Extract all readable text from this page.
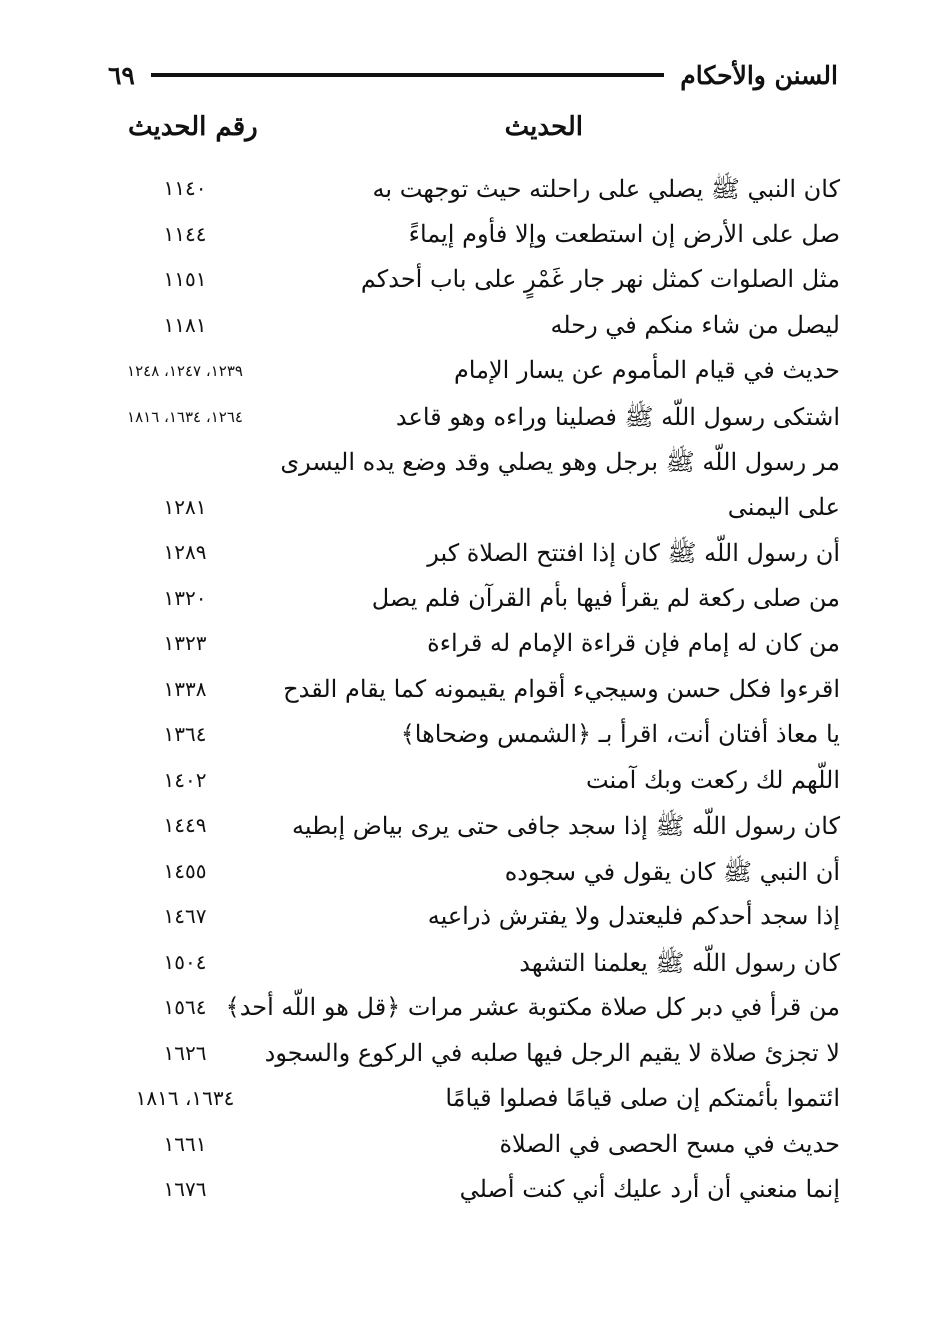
السنن والأحكام
٦٩
الحديث
رقم الحديث
كان النبي ﷺ يصلي على راحلته حيث توجهت به
١١٤٠
صل على الأرض إن استطعت وإلا فأوم إيماءً
١١٤٤
مثل الصلوات كمثل نهر جار غَمْرٍ على باب أحدكم
١١٥١
ليصل من شاء منكم في رحله
١١٨١
حديث في قيام المأموم عن يسار الإمام
١٢٣٩، ١٢٤٧، ١٢٤٨
اشتكى رسول اللّه ﷺ فصلينا وراءه وهو قاعد
١٢٦٤، ١٦٣٤، ١٨١٦
مر رسول اللّه ﷺ برجل وهو يصلي وقد وضع يده اليسرى
على اليمنى
١٢٨١
أن رسول اللّه ﷺ كان إذا افتتح الصلاة كبر
١٢٨٩
من صلى ركعة لم يقرأ فيها بأم القرآن فلم يصل
١٣٢٠
من كان له إمام فإن قراءة الإمام له قراءة
١٣٢٣
اقرءوا فكل حسن وسيجيء أقوام يقيمونه كما يقام القدح
١٣٣٨
يا معاذ أفتان أنت، اقرأ بـ ﴿الشمس وضحاها﴾
١٣٦٤
اللّهم لك ركعت وبك آمنت
١٤٠٢
كان رسول اللّه ﷺ إذا سجد جافى حتى يرى بياض إبطيه
١٤٤٩
أن النبي ﷺ كان يقول في سجوده
١٤٥٥
إذا سجد أحدكم فليعتدل ولا يفترش ذراعيه
١٤٦٧
كان رسول اللّه ﷺ يعلمنا التشهد
١٥٠٤
من قرأ في دبر كل صلاة مكتوبة عشر مرات ﴿قل هو اللّه أحد﴾
١٥٦٤
لا تجزئ صلاة لا يقيم الرجل فيها صلبه في الركوع والسجود
١٦٢٦
ائتموا بأئمتكم إن صلى قيامًا فصلوا قيامًا
١٦٣٤، ١٨١٦
حديث في مسح الحصى في الصلاة
١٦٦١
إنما منعني أن أرد عليك أني كنت أصلي
١٦٧٦
